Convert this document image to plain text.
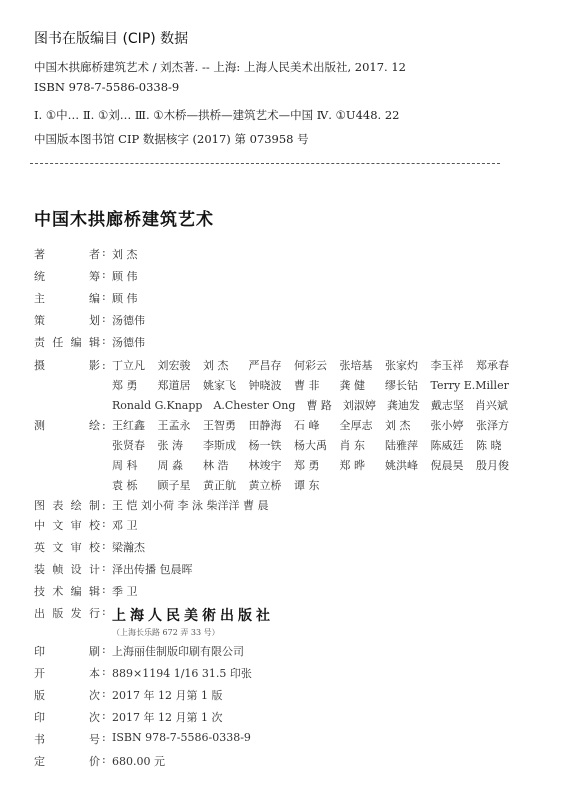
图书在版编目 (CIP) 数据
中国木拱廊桥建筑艺术 / 刘杰著. -- 上海: 上海人民美术出版社, 2017. 12
ISBN 978-7-5586-0338-9
Ⅰ. ①中… Ⅱ. ①刘… Ⅲ. ①木桥—拱桥—建筑艺术—中国 Ⅳ. ①U448. 22
中国版本图书馆 CIP 数据核字 (2017) 第 073958 号
中国木拱廊桥建筑艺术
著者 : 刘 杰
统筹 : 顾 伟
主编 : 顾 伟
策划 : 汤德伟
责任编辑 : 汤德伟
摄影 : 丁立凡	刘宏骏	刘 杰	严昌存	何彩云	张培基	张家灼	李玉祥	郑承春
郑 勇	郑道居	姚家飞	钟晓波	曹 非	龚 健	缪长钻	Terry E.Miller
Ronald G.Knapp A.Chester Ong 曹 路 刘淑婷 龚迪发 戴志坚 肖兴斌
测绘 : 王红鑫	王孟永	王智勇	田静海	石 峰	全厚志	刘 杰	张小婷	张泽方
张贤春	张 涛	李斯成	杨一铁	杨大禹	肖 东	陆雅萍	陈威廷	陈 晓
周 科	周 淼	林 浩	林竣宇	郑 勇	郑 晔	姚洪峰	倪晨昊	殷月俊
袁 栎	顾子星	黄正航	黄立桥	谭 东
图表绘制 : 王 恺 刘小荷 李 泳 柴洋洋 曹 晨
中文审校 : 邓 卫
英文审校 : 梁瀚杰
装帧设计 : 泽出传播 包晨晖
技术编辑 : 季 卫
出版发行 : 上海人民美術出版社
（上海长乐路 672 弄 33 号）
印刷 : 上海丽佳制版印刷有限公司
开本 : 889×1194 1/16 31.5 印张
版次 : 2017 年 12 月第 1 版
印次 : 2017 年 12 月第 1 次
书号 : ISBN 978-7-5586-0338-9
定价 : 680.00 元
